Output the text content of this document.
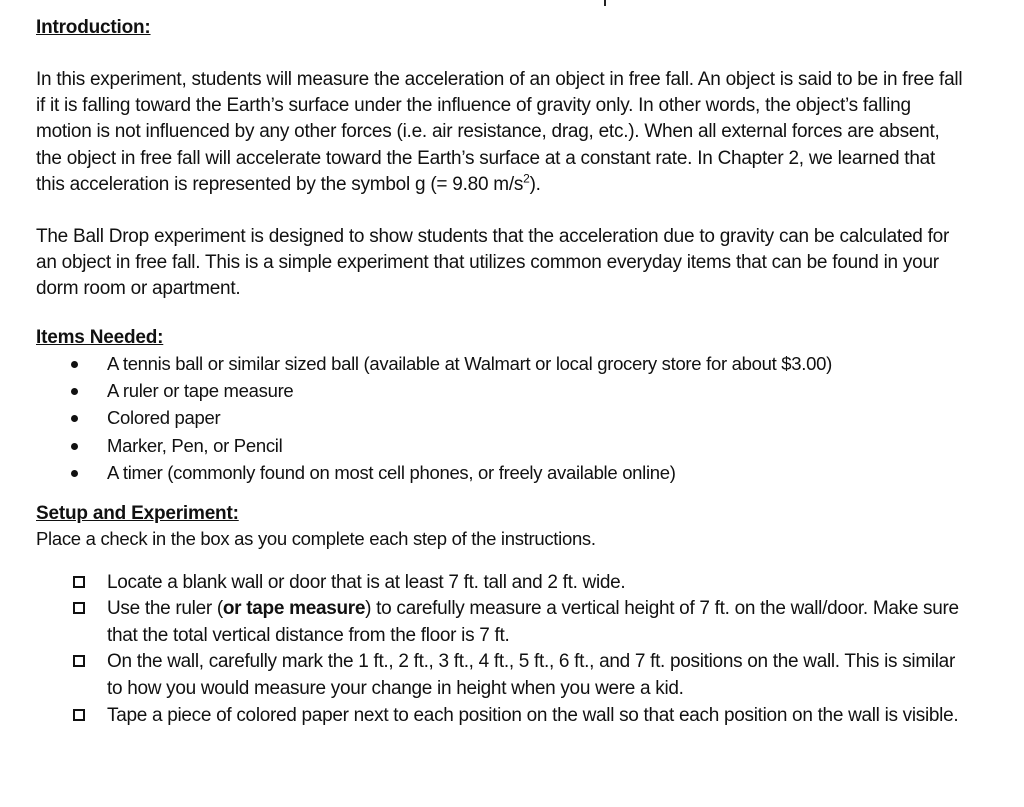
Introduction:

In this experiment, students will measure the acceleration of an object in free fall. An object is said to be in free fall if it is falling toward the Earth’s surface under the influence of gravity only. In other words, the object’s falling motion is not influenced by any other forces (i.e. air resistance, drag, etc.). When all external forces are absent, the object in free fall will accelerate toward the Earth’s surface at a constant rate. In Chapter 2, we learned that this acceleration is represented by the symbol g (= 9.80 $m/s^2$).

The Ball Drop experiment is designed to show students that the acceleration due to gravity can be calculated for an object in free fall. This is a simple experiment that utilizes common everyday items that can be found in your dorm room or apartment.

Items Needed:
A tennis ball or similar sized ball (available at Walmart or local grocery store for about $3.00)
A ruler or tape measure
Colored paper
Marker, Pen, or Pencil
A timer (commonly found on most cell phones, or freely available online)
Setup and Experiment:

Place a check in the box as you complete each step of the instructions.

Locate a blank wall or door that is at least 7 ft. tall and 2 ft. wide.
Use the ruler (or tape measure) to carefully measure a vertical height of 7 ft. on the wall/door. Make sure that the total vertical distance from the floor is 7 ft.
On the wall, carefully mark the 1 ft., 2 ft., 3 ft., 4 ft., 5 ft., 6 ft., and 7 ft. positions on the wall. This is similar to how you would measure your change in height when you were a kid.
Tape a piece of colored paper next to each position on the wall so that each position on the wall is visible.
